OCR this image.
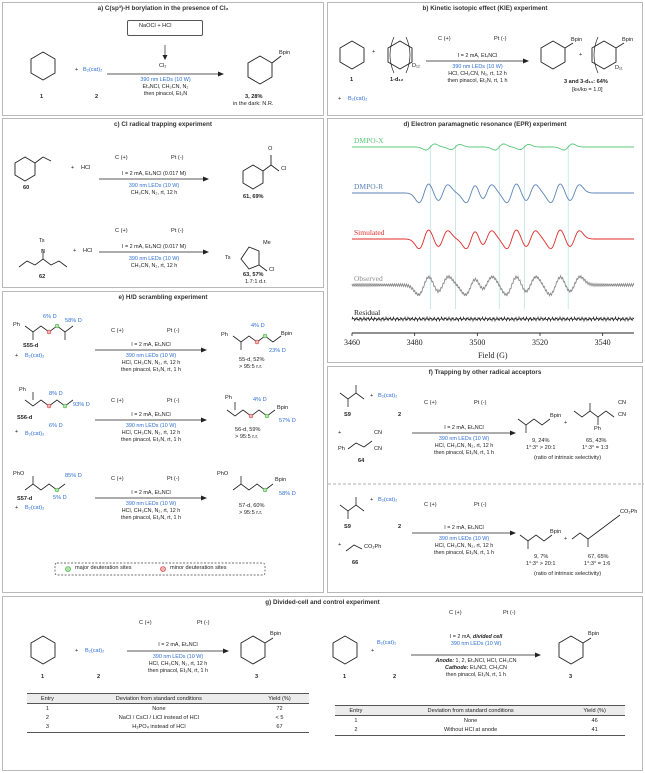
a) C(sp³)-H borylation in the presence of Cl₂
1
+ B₂(cat)₂
2
NaOCl + HCl
Cl₂
390 nm LEDs (10 W)
Et₄NCl, CH₃CN, N₂
then pinacol, Et₃N
Bpin
3, 28%
in the dark: N.R.
b) Kinetic isotopic effect (KIE) experiment
+
D₁₂
1	1-d₁₂
B₂(cat)₂
+
C (+)	Pt (-)
I = 2 mA, Et₄NCl
390 nm LEDs (10 W)
HCl, CH₃CN, N₂, rt, 12 h
then pinacol, Et₃N, rt, 1 h
Bpin
+
Bpin
D₁₁
3 and 3-d₁₁: 64%
[kʜ/kᴅ = 1.0]
c) Cl radical trapping experiment
+ HCl
60
C (+)	Pt (-)
I = 2 mA, Et₄NCl (0.017 M)
390 nm LEDs (10 W)
CH₃CN, N₂, rt, 12 h
O
Cl
61, 69%
Ts
N	+ HCl
62
C (+)	Pt (-)
I = 2 mA, Et₄NCl (0.017 M)
390 nm LEDs (10 W)
CH₃CN, N₂, rt, 12 h
Ts
Me
Cl
63, 57%
1.7:1 d.r.
d) Electron paramagnetic resonance (EPR) experiment
3460	3480	3500	3520	3540
DMPO-X
DMPO-R
Simulated
Observed
Residual
Field (G)
e) H/D scrambling experiment
Ph
6% D
58% D
S55-d
+ B₂(cat)₂
C (+)	Pt (-)
I = 2 mA, Et₄NCl
390 nm LEDs (10 W)
HCl, CH₃CN, N₂, rt, 12 h
then pinacol, Et₃N, rt, 1 h
Ph
4% D
Bpin
23% D
55-d, 52%
> 95:5 r.r.
Ph
8% D
93% D
S56-d
6% D
+ B₂(cat)₂
C (+)	Pt (-)
I = 2 mA, Et₄NCl
390 nm LEDs (10 W)
HCl, CH₃CN, N₂, rt, 12 h
then pinacol, Et₃N, rt, 1 h
Ph	4% D
Bpin
57% D
56-d, 59%
> 95:5 r.r.
PhO	85% D
S57-d	5% D
+ B₂(cat)₂
C (+)	Pt (-)
I = 2 mA, Et₄NCl
390 nm LEDs (10 W)
HCl, CH₃CN, N₂, rt, 12 h
then pinacol, Et₃N, rt, 1 h
PhO
Bpin
58% D
57-d, 60%
> 95:5 r.r.
major deuteration sites	minor deuteration sites
f) Trapping by other radical acceptors
S9
+ B₂(cat)₂
2
+	CN
CN
Ph
64
C (+)	Pt (-)
I = 2 mA, Et₄NCl
390 nm LEDs (10 W)
HCl, CH₃CN, N₂, rt, 12 h
then pinacol, Et₃N, rt, 1 h
Bpin
9, 24%
1°:3° > 20:1
+
CN
CN
Ph
65, 43%
1°:3° = 1:3
(ratio of intrinsic selectivity)
S9
+ B₂(cat)₂
2
+	CO₂Ph
66
C (+)	Pt (-)
I = 2 mA, Et₄NCl
390 nm LEDs (10 W)
HCl, CH₃CN, N₂, rt, 12 h
then pinacol, Et₃N, rt, 1 h
Bpin
9, 7%
1°:3° > 20:1
+
CO₂Ph
67, 65%
1°:3° = 1:6
(ratio of intrinsic selectivity)
g) Divided-cell and control experiment
+ B₂(cat)₂
1	2
C (+)	Pt (-)
I = 2 mA, Et₄NCl
390 nm LEDs (10 W)
HCl, CH₃CN, N₂, rt, 12 h
then pinacol, Et₃N, rt, 1 h
Bpin
3
Entry	Deviation from standard conditions	Yield (%)
1	None	72
2	NaCl / CsCl / LiCl instead of HCl	< 5
3	H₃PO₄ instead of HCl	67
+
B₂(cat)₂
1	2
C (+)	Pt (-)
I = 2 mA, divided cell
390 nm LEDs (10 W)
Anode: 1, 2, Et₄NCl, HCl, CH₃CN
Cathode: Et₄NCl, CH₃CN
then pinacol, Et₃N, rt, 1 h
Bpin
3
Entry	Deviation from standard conditions	Yield (%)
1	None	46
2	Without HCl at anode	41
